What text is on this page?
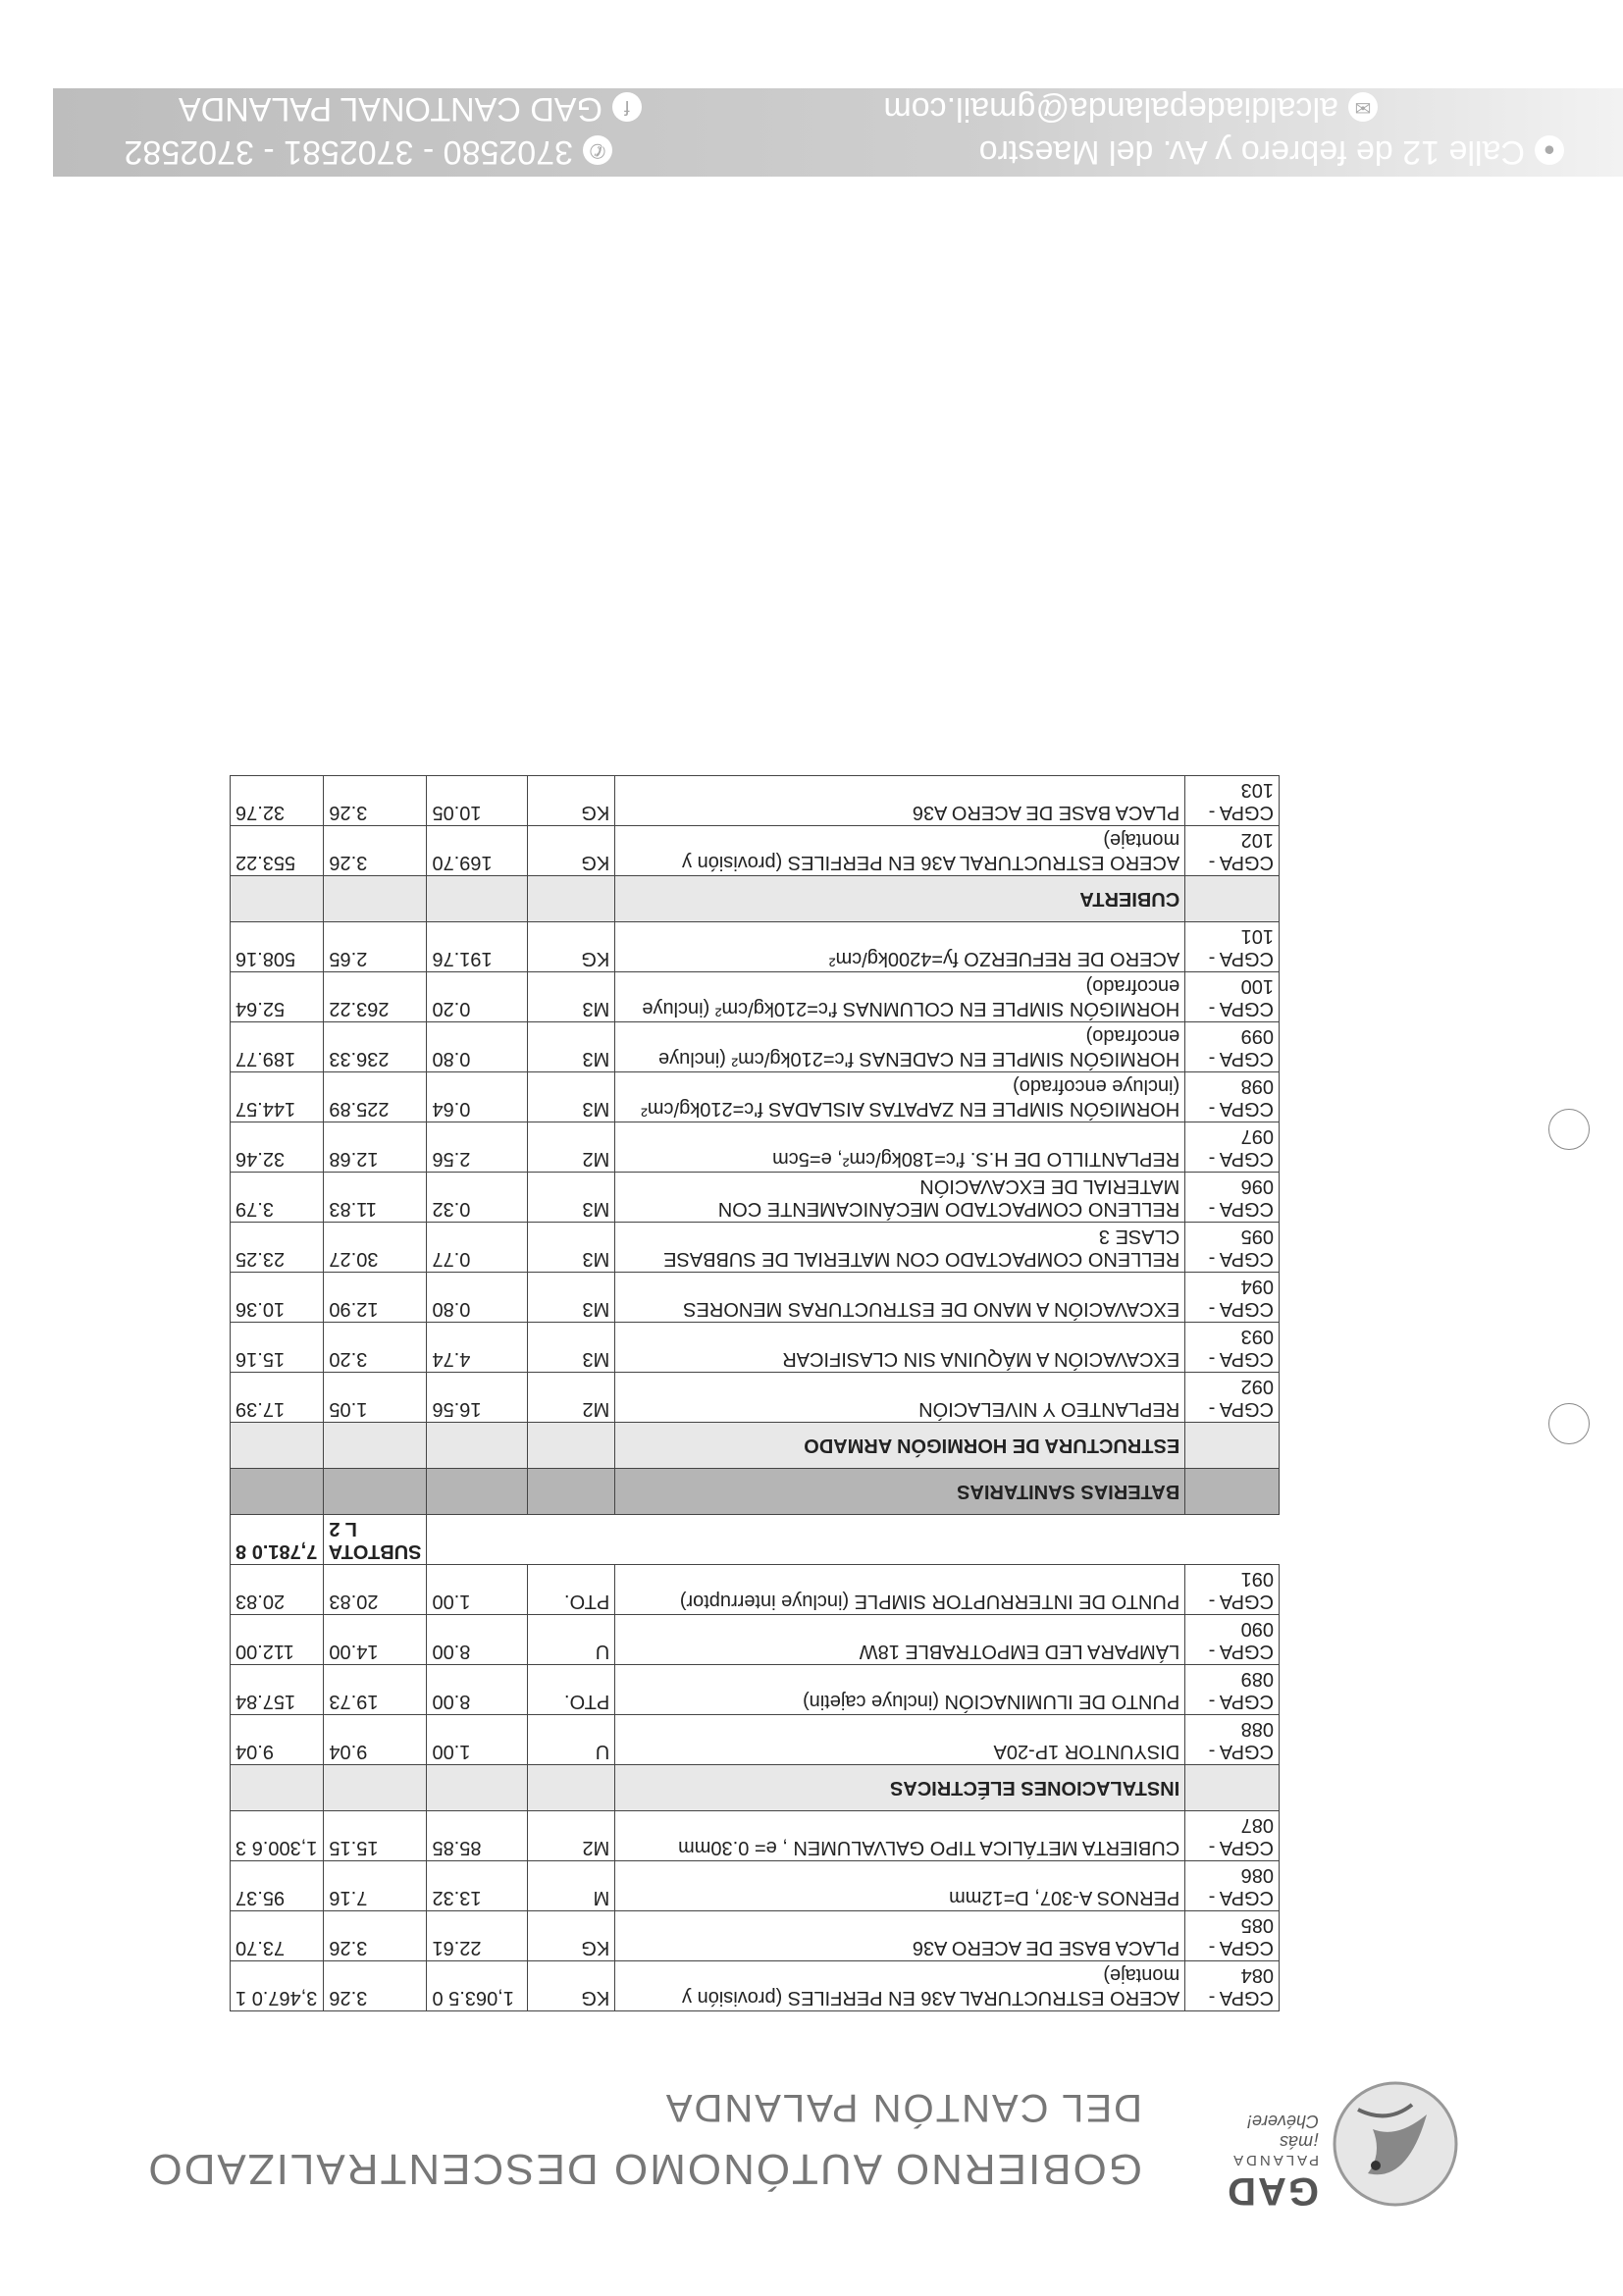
GAD
PALANDA
¡más Chévere!
GOBIERNO AUTÓNOMO DESCENTRALIZADO
DEL CANTÓN PALANDA
CGPA - 084	ACERO ESTRUCTURAL A36 EN PERFILES (provisión y montaje)	KG	1,063.5 0	3.26	3,467.0 1
CGPA - 085	PLACA BASE DE ACERO A36	KG	22.61	3.26	73.70
CGPA - 086	PERNOS A-307, D=12mm	M	13.32	7.16	95.37
CGPA - 087	CUBIERTA METÁLICA TIPO GALVALUMEN , e= 0.30mm	M2	85.85	15.15	1,300.6 3
	INSTALACIONES ELÉCTRICAS				
CGPA - 088	DISYUNTOR 1P-20A	U	1.00	9.04	9.04
CGPA - 089	PUNTO DE ILUMINACIÓN (incluye cajetin)	PTO.	8.00	19.73	157.84
CGPA - 090	LÁMPARA LED EMPOTRABLE 18W	U	8.00	14.00	112.00
CGPA - 091	PUNTO DE INTERRUPTOR SIMPLE (incluye interruptor)	PTO.	1.00	20.83	20.83
				SUBTOTA L 2	7,781.0 8
	BATERIAS SANITARIAS				
	ESTRUCTURA DE HORMIGÓN ARMADO				
CGPA - 092	REPLANTEO Y NIVELACIÓN	M2	16.56	1.05	17.39
CGPA - 093	EXCAVACIÓN A MÁQUINA SIN CLASIFICAR	M3	4.74	3.20	15.16
CGPA - 094	EXCAVACIÓN A MANO DE ESTRUCTURAS MENORES	M3	0.80	12.90	10.36
CGPA - 095	RELLENO COMPACTADO CON MATERIAL DE SUBBASE CLASE 3	M3	0.77	30.27	23.25
CGPA - 096	RELLENO COMPACTADO MECÁNICAMENTE CON MATERIAL DE EXCAVACIÓN	M3	0.32	11.83	3.79
CGPA - 097	REPLANTILLO DE H.S. f'c=180kg/cm², e=5cm	M2	2.56	12.68	32.46
CGPA - 098	HORMIGÓN SIMPLE EN ZAPATAS AISLADAS f'c=210kg/cm² (incluye encofrado)	M3	0.64	225.89	144.57
CGPA - 099	HORMIGÓN SIMPLE EN CADENAS f'c=210kg/cm² (incluye encofrado)	M3	0.80	236.33	189.77
CGPA - 100	HORMIGÓN SIMPLE EN COLUMNAS f'c=210kg/cm² (incluye encofrado)	M3	0.20	263.22	52.64
CGPA - 101	ACERO DE REFUERZO fy=4200kg/cm²	KG	191.76	2.65	508.16
	CUBIERTA				
CGPA - 102	ACERO ESTRUCTURAL A36 EN PERFILES (provisión y montaje)	KG	169.70	3.26	553.22
CGPA - 103	PLACA BASE DE ACERO A36	KG	10.05	3.26	32.76
●Calle 12 de febrero y Av. del Maestro
✆3702580 - 3702581 - 3702582
✉alcaldiadepalanda@gmail.com
fGAD CANTONAL PALANDA
